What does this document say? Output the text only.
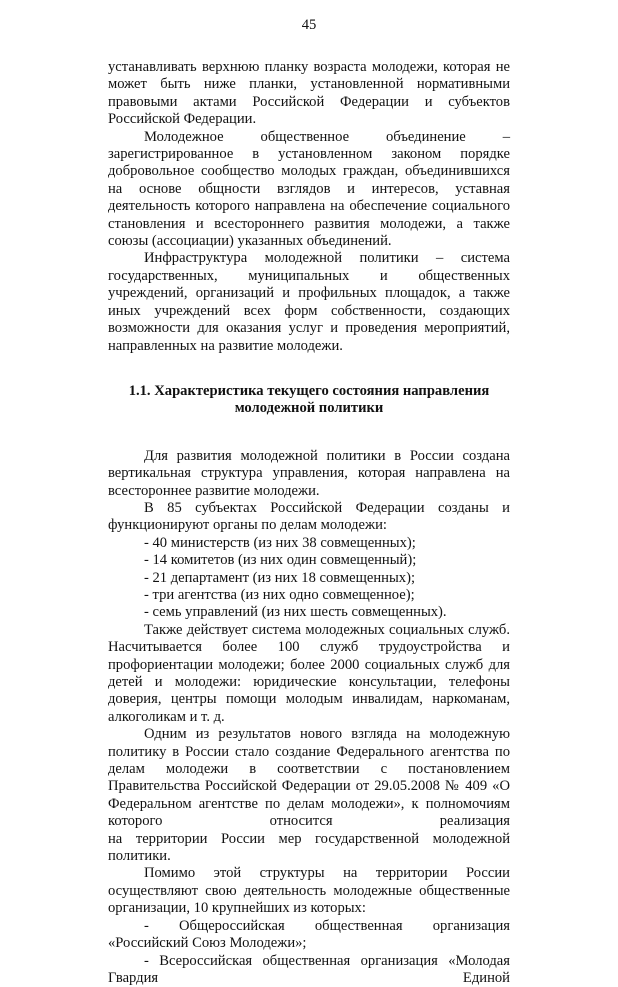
45

устанавливать верхнюю планку возраста молодежи, которая не может быть ниже планки, установленной нормативными правовыми актами Российской Федерации и субъектов Российской Федерации.

Молодежное общественное объединение – зарегистрированное в установленном законом порядке добровольное сообщество молодых граждан, объединившихся на основе общности взглядов и интересов, уставная деятельность которого направлена на обеспечение социального становления и всестороннего развития молодежи, а также союзы (ассоциации) указанных объединений.

Инфраструктура молодежной политики – система государственных, муниципальных и общественных учреждений, организаций и профильных площадок, а также иных учреждений всех форм собственности, создающих возможности для оказания услуг и проведения мероприятий, направленных на развитие молодежи.

1.1. Характеристика текущего состояния направления молодежной политики

Для развития молодежной политики в России создана вертикальная структура управления, которая направлена на всестороннее развитие молодежи.

В 85 субъектах Российской Федерации созданы и функционируют органы по делам молодежи:

- 40 министерств (из них 38 совмещенных);
- 14 комитетов (из них один совмещенный);
- 21 департамент (из них 18 совмещенных);
- три агентства (из них одно совмещенное);
- семь управлений (из них шесть совмещенных).

Также действует система молодежных социальных служб. Насчитывается более 100 служб трудоустройства и профориентации молодежи; более 2000 социальных служб для детей и молодежи: юридические консультации, телефоны доверия, центры помощи молодым инвалидам, наркоманам, алкоголикам и т. д.

Одним из результатов нового взгляда на молодежную политику в России стало создание Федерального агентства по делам молодежи в соответствии с постановлением Правительства Российской Федерации от 29.05.2008 № 409 «О Федеральном агентстве по делам молодежи», к полномочиям которого относится реализация

на территории России мер государственной молодежной политики.

Помимо этой структуры на территории России осуществляют свою деятельность молодежные общественные организации, 10 крупнейших из которых:

- Общероссийская общественная организация «Российский Союз Молодежи»;

- Всероссийская общественная организация «Молодая Гвардия Единой
